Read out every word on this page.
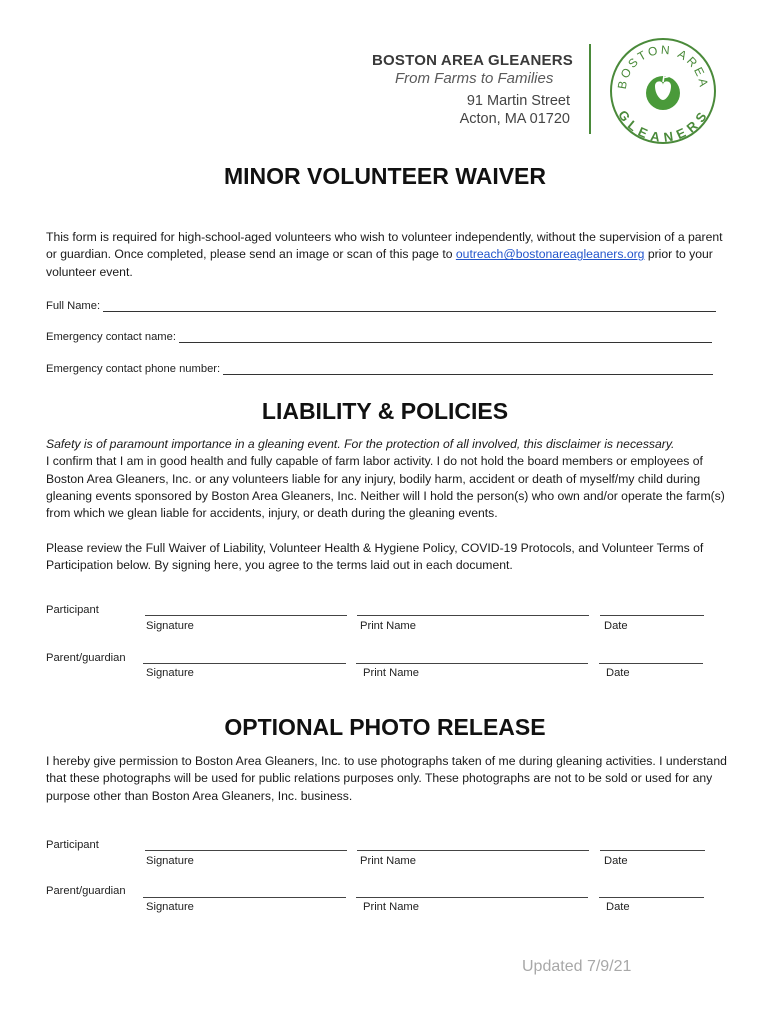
BOSTON AREA GLEANERS
From Farms to Families
91 Martin Street
Acton, MA 01720
BOSTON AREA
GLEANERS
MINOR VOLUNTEER WAIVER
This form is required for high-school-aged volunteers who wish to volunteer independently, without the supervision of a parent or guardian. Once completed, please send an image or scan of this page to outreach@bostonareagleaners.org prior to your volunteer event.
Full Name:
Emergency contact name:
Emergency contact phone number:
LIABILITY & POLICIES
Safety is of paramount importance in a gleaning event. For the protection of all involved, this disclaimer is necessary.
I confirm that I am in good health and fully capable of farm labor activity. I do not hold the board members or employees of Boston Area Gleaners, Inc. or any volunteers liable for any injury, bodily harm, accident or death of myself/my child during gleaning events sponsored by Boston Area Gleaners, Inc. Neither will I hold the person(s) who own and/or operate the farm(s) from which we glean liable for accidents, injury, or death during the gleaning events.
Please review the Full Waiver of Liability, Volunteer Health & Hygiene Policy, COVID-19 Protocols, and Volunteer Terms of Participation below. By signing here, you agree to the terms laid out in each document.
Participant
Signature	Print Name	Date
Parent/guardian
Signature	Print Name	Date
OPTIONAL PHOTO RELEASE
I hereby give permission to Boston Area Gleaners, Inc. to use photographs taken of me during gleaning activities. I understand that these photographs will be used for public relations purposes only. These photographs are not to be sold or used for any purpose other than Boston Area Gleaners, Inc. business.
Participant
Signature	Print Name	Date
Parent/guardian
Signature	Print Name	Date
Updated 7/9/21
